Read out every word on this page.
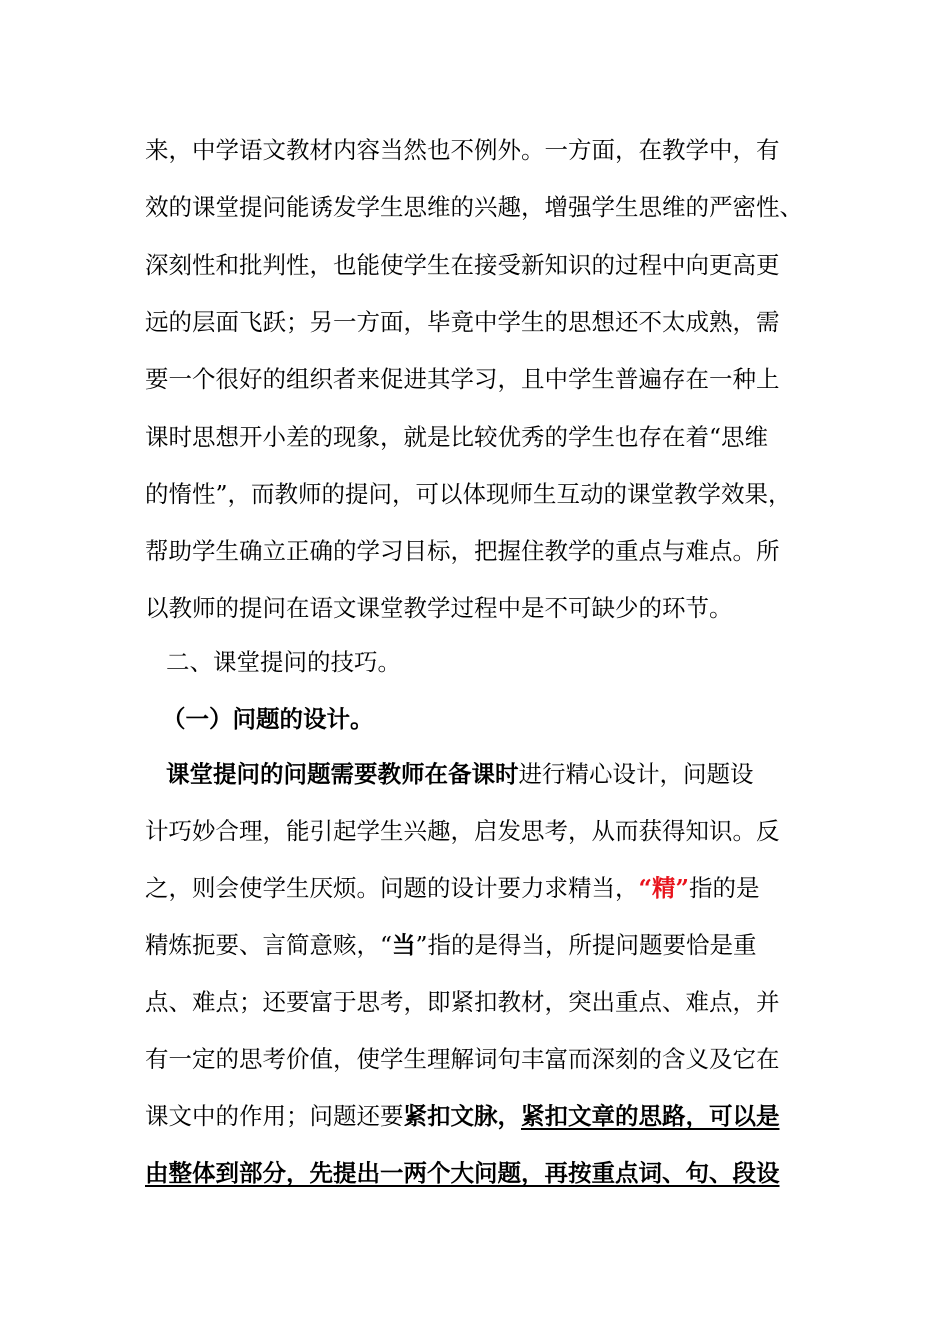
来，中学语文教材内容当然也不例外。一方面，在教学中，有
效的课堂提问能诱发学生思维的兴趣，增强学生思维的严密性、
深刻性和批判性，也能使学生在接受新知识的过程中向更高更
远的层面飞跃；另一方面，毕竟中学生的思想还不太成熟，需
要一个很好的组织者来促进其学习，且中学生普遍存在一种上
课时思想开小差的现象，就是比较优秀的学生也存在着“思维
的惰性”，而教师的提问，可以体现师生互动的课堂教学效果，
帮助学生确立正确的学习目标，把握住教学的重点与难点。所
以教师的提问在语文课堂教学过程中是不可缺少的环节。
二、课堂提问的技巧。
（一）问题的设计。
课堂提问的问题需要教师在备课时进行精心设计，问题设
计巧妙合理，能引起学生兴趣，启发思考，从而获得知识。反
之，则会使学生厌烦。问题的设计要力求精当，“精”指的是
精炼扼要、言简意赅，“当”指的是得当，所提问题要恰是重
点、难点；还要富于思考，即紧扣教材，突出重点、难点，并
有一定的思考价值，使学生理解词句丰富而深刻的含义及它在
课文中的作用；问题还要紧扣文脉，紧扣文章的思路，可以是
由整体到部分，先提出一两个大问题，再按重点词、句、段设
